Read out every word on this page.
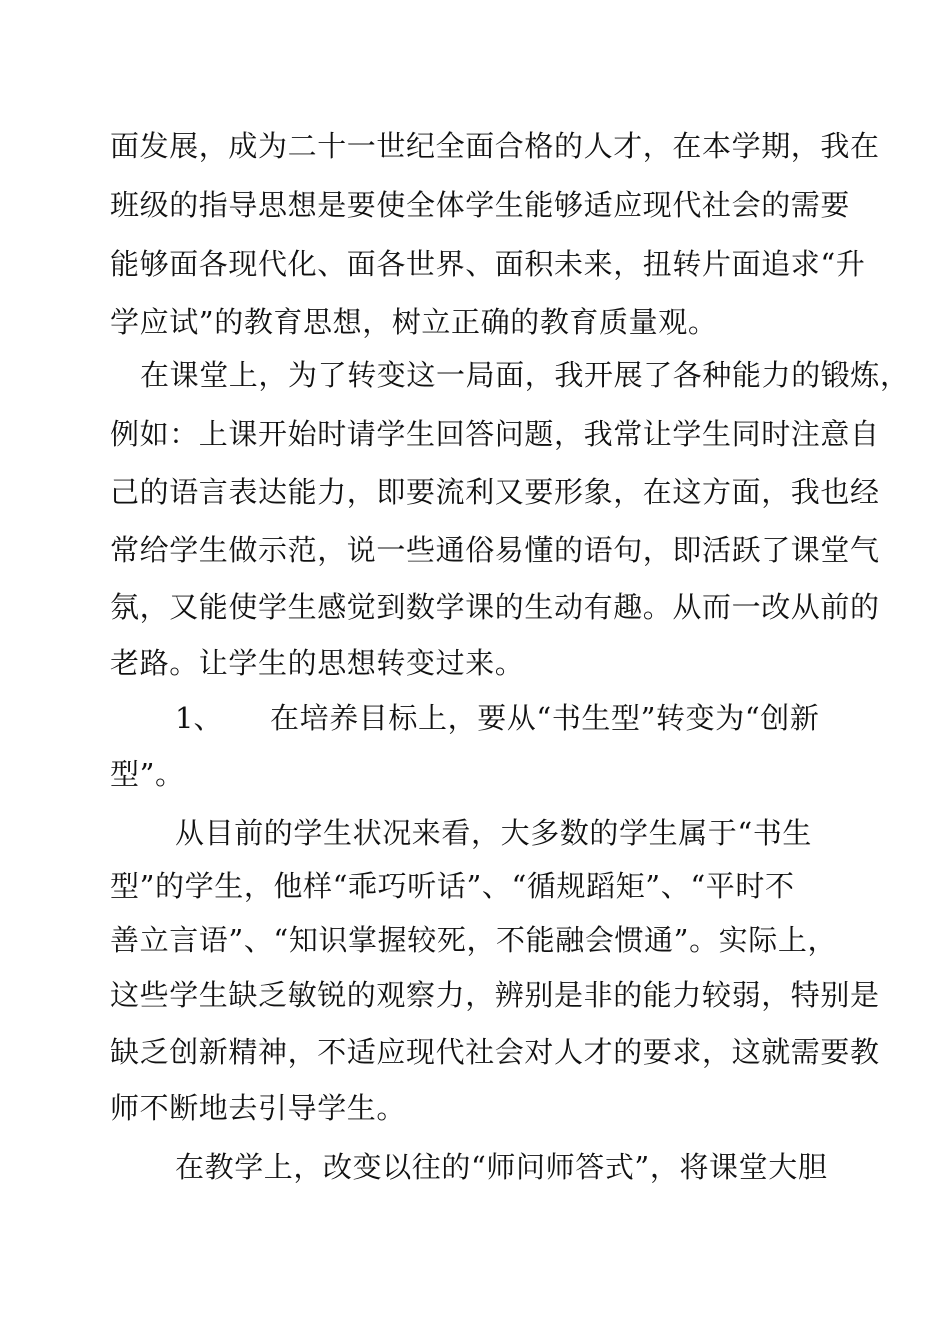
面发展，成为二十一世纪全面合格的人才，在本学期，我在
班级的指导思想是要使全体学生能够适应现代社会的需要
能够面各现代化、面各世界、面积未来，扭转片面追求“升
学应试”的教育思想，树立正确的教育质量观。
在课堂上，为了转变这一局面，我开展了各种能力的锻炼，
例如：上课开始时请学生回答问题，我常让学生同时注意自
己的语言表达能力，即要流利又要形象，在这方面，我也经
常给学生做示范，说一些通俗易懂的语句，即活跃了课堂气
氛，又能使学生感觉到数学课的生动有趣。从而一改从前的
老路。让学生的思想转变过来。
1、 在培养目标上，要从“书生型”转变为“创新
型”。
从目前的学生状况来看，大多数的学生属于“书生
型”的学生，他样“乖巧听话”、“循规蹈矩”、“平时不
善立言语”、“知识掌握较死，不能融会惯通”。实际上，
这些学生缺乏敏锐的观察力，辨别是非的能力较弱，特别是
缺乏创新精神，不适应现代社会对人才的要求，这就需要教
师不断地去引导学生。
在教学上，改变以往的“师问师答式”，将课堂大胆
